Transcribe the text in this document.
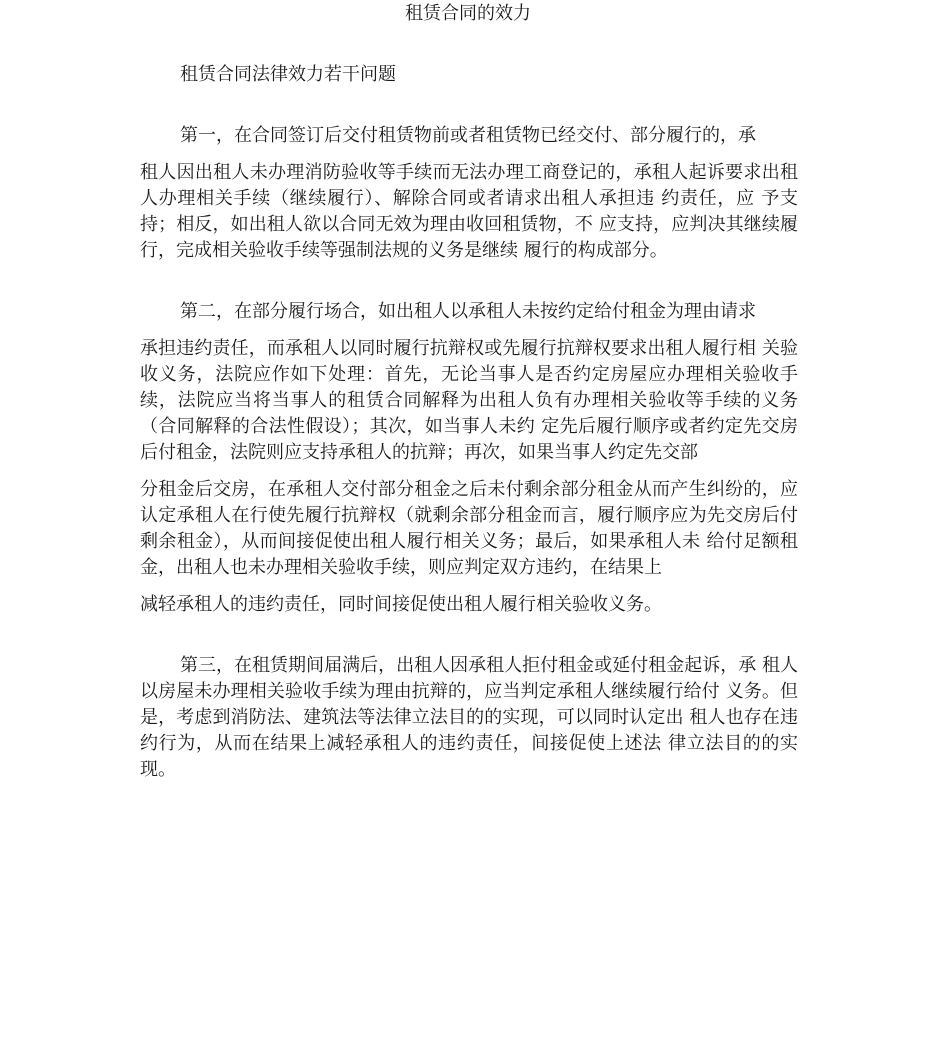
租赁合同的效力
租赁合同法律效力若干问题

第一，在合同签订后交付租赁物前或者租赁物已经交付、部分履行的，承

租人因出租人未办理消防验收等手续而无法办理工商登记的，承租人起诉要求出租人办理相关手续（继续履行）、解除合同或者请求出租人承担违 约责任，应 予支持；相反，如出租人欲以合同无效为理由收回租赁物，不 应支持，应判决其继续履行，完成相关验收手续等强制法规的义务是继续 履行的构成部分。

第二，在部分履行场合，如出租人以承租人未按约定给付租金为理由请求

承担违约责任，而承租人以同时履行抗辩权或先履行抗辩权要求出租人履行相 关验收义务，法院应作如下处理：首先，无论当事人是否约定房屋应办理相关验收手续，法院应当将当事人的租赁合同解释为出租人负有办理相关验收等手续的义务（合同解释的合法性假设）；其次，如当事人未约 定先后履行顺序或者约定先交房后付租金，法院则应支持承租人的抗辩；再次，如果当事人约定先交部

分租金后交房，在承租人交付部分租金之后未付剩余部分租金从而产生纠纷的，应认定承租人在行使先履行抗辩权（就剩余部分租金而言，履行顺序应为先交房后付剩余租金），从而间接促使出租人履行相关义务；最后，如果承租人未 给付足额租金，出租人也未办理相关验收手续，则应判定双方违约，在结果上

减轻承租人的违约责任，同时间接促使出租人履行相关验收义务。

第三，在租赁期间届满后，出租人因承租人拒付租金或延付租金起诉，承 租人以房屋未办理相关验收手续为理由抗辩的，应当判定承租人继续履行给付 义务。但是，考虑到消防法、建筑法等法律立法目的的实现，可以同时认定出 租人也存在违约行为，从而在结果上减轻承租人的违约责任，间接促使上述法 律立法目的的实现。
